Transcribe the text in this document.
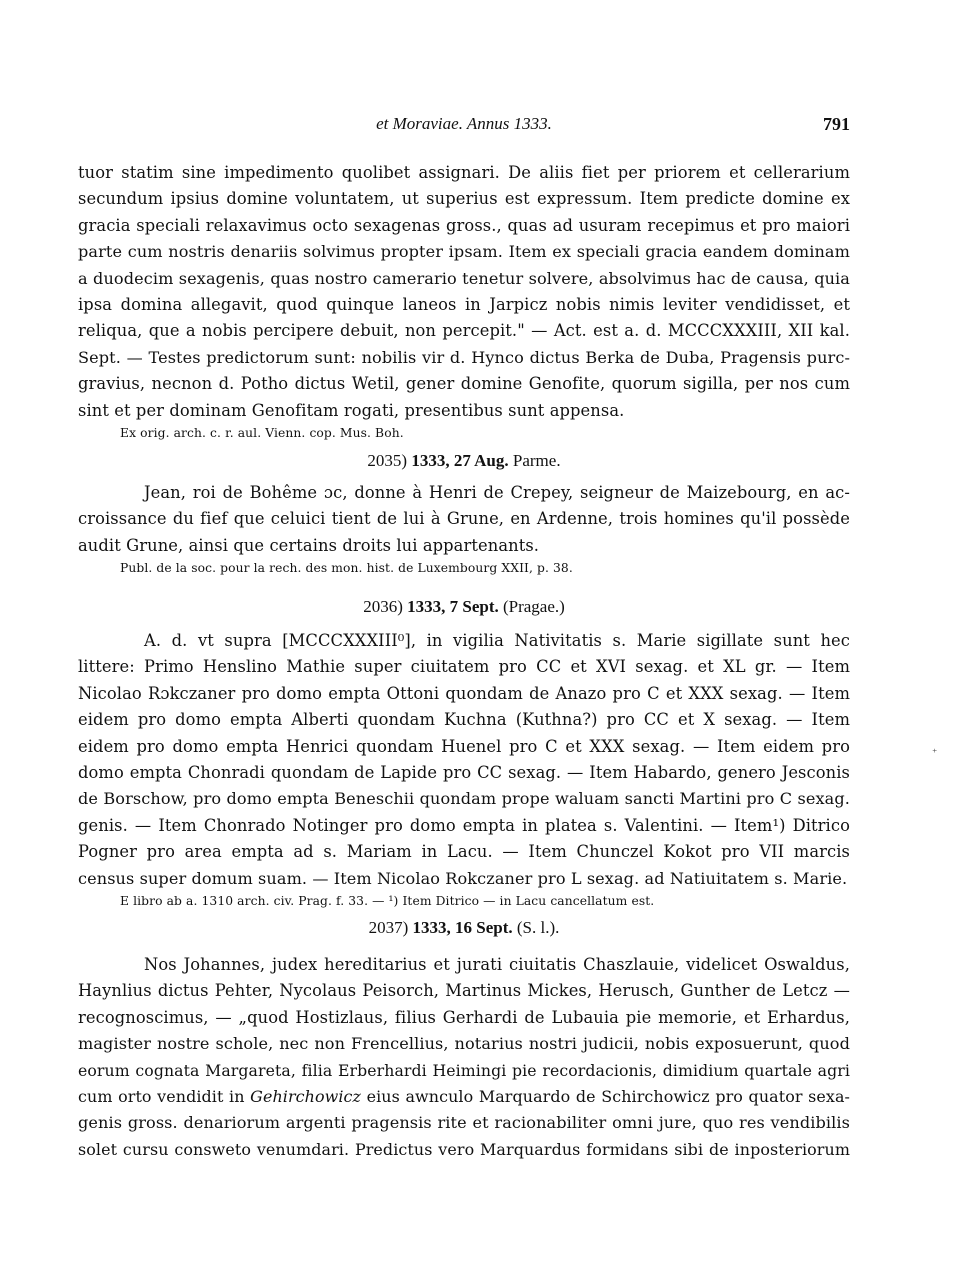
et Moraviae. Annus 1333.	791
tuor statim sine impedimento quolibet assignari. De aliis fiet per priorem et cellerarium
secundum ipsius domine voluntatem, ut superius est expressum. Item predicte domine ex
gracia speciali relaxavimus octo sexagenas gross., quas ad usuram recepimus et pro maiori
parte cum nostris denariis solvimus propter ipsam. Item ex speciali gracia eandem dominam
a duodecim sexagenis, quas nostro camerario tenetur solvere, absolvimus hac de causa, quia
ipsa domina allegavit, quod quinque laneos in Jarpicz nobis nimis leviter vendidisset, et
reliqua, que a nobis percipere debuit, non percepit." — Act. est a. d. MCCCXXXIII, XII kal.
Sept. — Testes predictorum sunt: nobilis vir d. Hynco dictus Berka de Duba, Pragensis purc-
gravius, necnon d. Potho dictus Wetil, gener domine Genofite, quorum sigilla, per nos cum
sint et per dominam Genofitam rogati, presentibus sunt appensa.
Ex orig. arch. c. r. aul. Vienn. cop. Mus. Boh.
2035) 1333, 27 Aug. Parme.
Jean, roi de Bohême ɔc, donne à Henri de Crepey, seigneur de Maizebourg, en ac-
croissance du fief que celuici tient de lui à Grune, en Ardenne, trois homines qu'il possède
audit Grune, ainsi que certains droits lui appartenants.
Publ. de la soc. pour la rech. des mon. hist. de Luxembourg XXII, p. 38.
2036) 1333, 7 Sept. (Pragae.)
A. d. vt supra [MCCCXXXIII⁰], in vigilia Nativitatis s. Marie sigillate sunt hec
littere: Primo Henslino Mathie super ciuitatem pro CC et XVI sexag. et XL gr. — Item
Nicolao Rɔkczaner pro domo empta Ottoni quondam de Anazo pro C et XXX sexag. — Item
eidem pro domo empta Alberti quondam Kuchna (Kuthna?) pro CC et X sexag. — Item
eidem pro domo empta Henrici quondam Huenel pro C et XXX sexag. — Item eidem pro
domo empta Chonradi quondam de Lapide pro CC sexag. — Item Habardo, genero Jesconis
de Borschow, pro domo empta Beneschii quondam prope waluam sancti Martini pro C sexag.
genis. — Item Chonrado Notinger pro domo empta in platea s. Valentini. — Item¹) Ditrico
Pogner pro area empta ad s. Mariam in Lacu. — Item Chunczel Kokot pro VII marcis
census super domum suam. — Item Nicolao Rokczaner pro L sexag. ad Natiuitatem s. Marie.
E libro ab a. 1310 arch. civ. Prag. f. 33. — ¹) Item Ditrico — in Lacu cancellatum est.
2037) 1333, 16 Sept. (S. l.).
Nos Johannes, judex hereditarius et jurati ciuitatis Chaszlauie, videlicet Oswaldus,
Haynlius dictus Pehter, Nycolaus Peisorch, Martinus Mickes, Herusch, Gunther de Letcz —
recognoscimus, — „quod Hostizlaus, filius Gerhardi de Lubauia pie memorie, et Erhardus,
magister nostre schole, nec non Frencellius, notarius nostri judicii, nobis exposuerunt, quod
eorum cognata Margareta, filia Erberhardi Heimingi pie recordacionis, dimidium quartale agri
cum orto vendidit in Gehirchowicz eius awnculo Marquardo de Schirchowicz pro quator sexa-
genis gross. denariorum argenti pragensis rite et racionabiliter omni jure, quo res vendibilis
solet cursu consweto venumdari. Predictus vero Marquardus formidans sibi de inposteriorum
⁺
